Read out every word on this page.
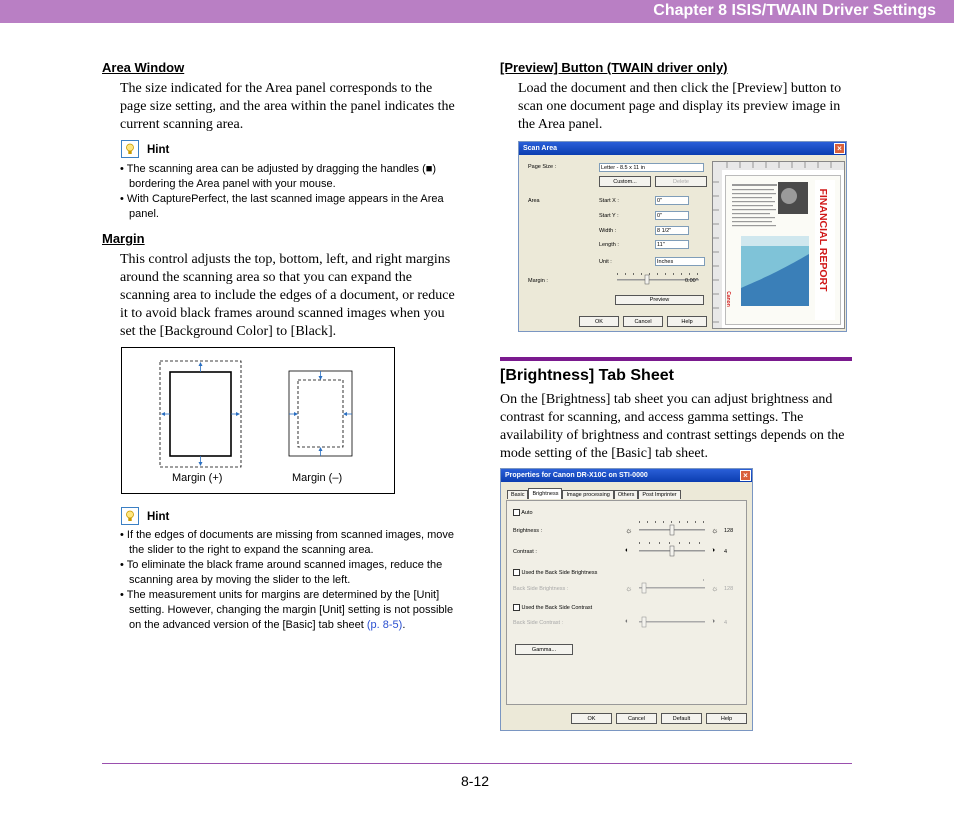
Chapter 8 ISIS/TWAIN Driver Settings
Area Window
The size indicated for the Area panel corresponds to the page size setting, and the area within the panel indicates the current scanning area.
Hint

• The scanning area can be adjusted by dragging the handles (■) bordering the Area panel with your mouse.

• With CapturePerfect, the last scanned image appears in the Area panel.

Margin
This control adjusts the top, bottom, left, and right margins around the scanning area so that you can expand the scanning area to include the edges of a document, or reduce it to avoid black frames around scanned images when you set the [Background Color] to [Black].
Margin (+)	Margin (–)
Hint

• If the edges of documents are missing from scanned images, move the slider to the right to expand the scanning area.

• To eliminate the black frame around scanned images, reduce the scanning area by moving the slider to the left.

• The measurement units for margins are determined by the [Unit] setting. However, changing the margin [Unit] setting is not possible on the advanced version of the [Basic] tab sheet (p. 8-5).

[Preview] Button (TWAIN driver only)
Load the document and then click the [Preview] button to scan one document page and display its preview image in the Area panel.
Scan Area	×
Page Size :	Letter - 8.5 x 11 in
Custom...	Delete
Area	Start X :	0"
Start Y :	0"
Width :	8 1/2"
Length :	11"
Unit :	Inches
Margin :	0.00"
Preview
OK	Cancel	Help
FINANCIAL REPORT
Canon
[Brightness] Tab Sheet
On the [Brightness] tab sheet you can adjust brightness and contrast for scanning, and access gamma settings. The availability of brightness and contrast settings depends on the mode setting of the [Basic] tab sheet.
Properties for Canon DR-X10C on STI-0000	×
Basic Brightness Image processing Others Post Imprinter
Auto
Brightness :	☼	☼ 128
Contrast :	◐	◑ 4
Used the Back Side Brightness
Back Side Brightness :	☼	☼ 128
Used the Back Side Contrast
Back Side Contrast :	◐	◑ 4
Gamma...
OK	Cancel	Default	Help
8-12
